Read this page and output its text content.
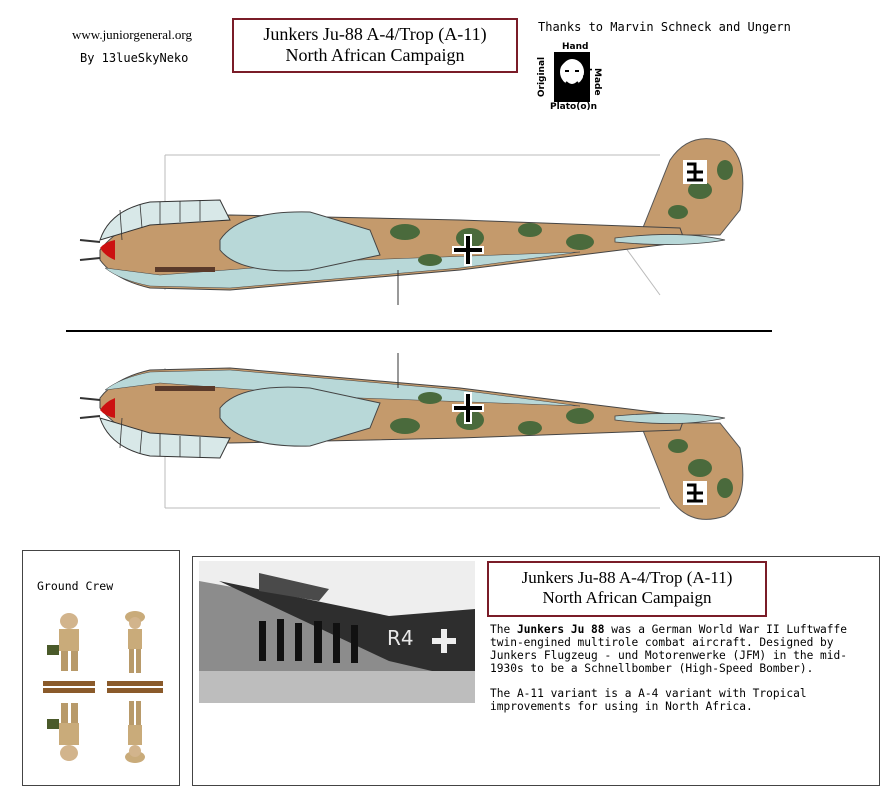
www.juniorgeneral.org
By 13lueSkyNeko
Junkers Ju-88 A-4/Trop (A-11)
North African Campaign
Thanks to Marvin Schneck and Ungern
Hand
Original	Made by
Plato(o)n
Ground Crew
R4
Junkers Ju-88 A-4/Trop (A-11)
North African Campaign

The Junkers Ju 88 was a German World War II Luftwaffe twin-engined multirole combat aircraft. Designed by Junkers Flugzeug - und Motorenwerke (JFM) in the mid-1930s to be a Schnellbomber (High-Speed Bomber).

The A-11 variant is a A-4 variant with Tropical improvements for using in North Africa.
